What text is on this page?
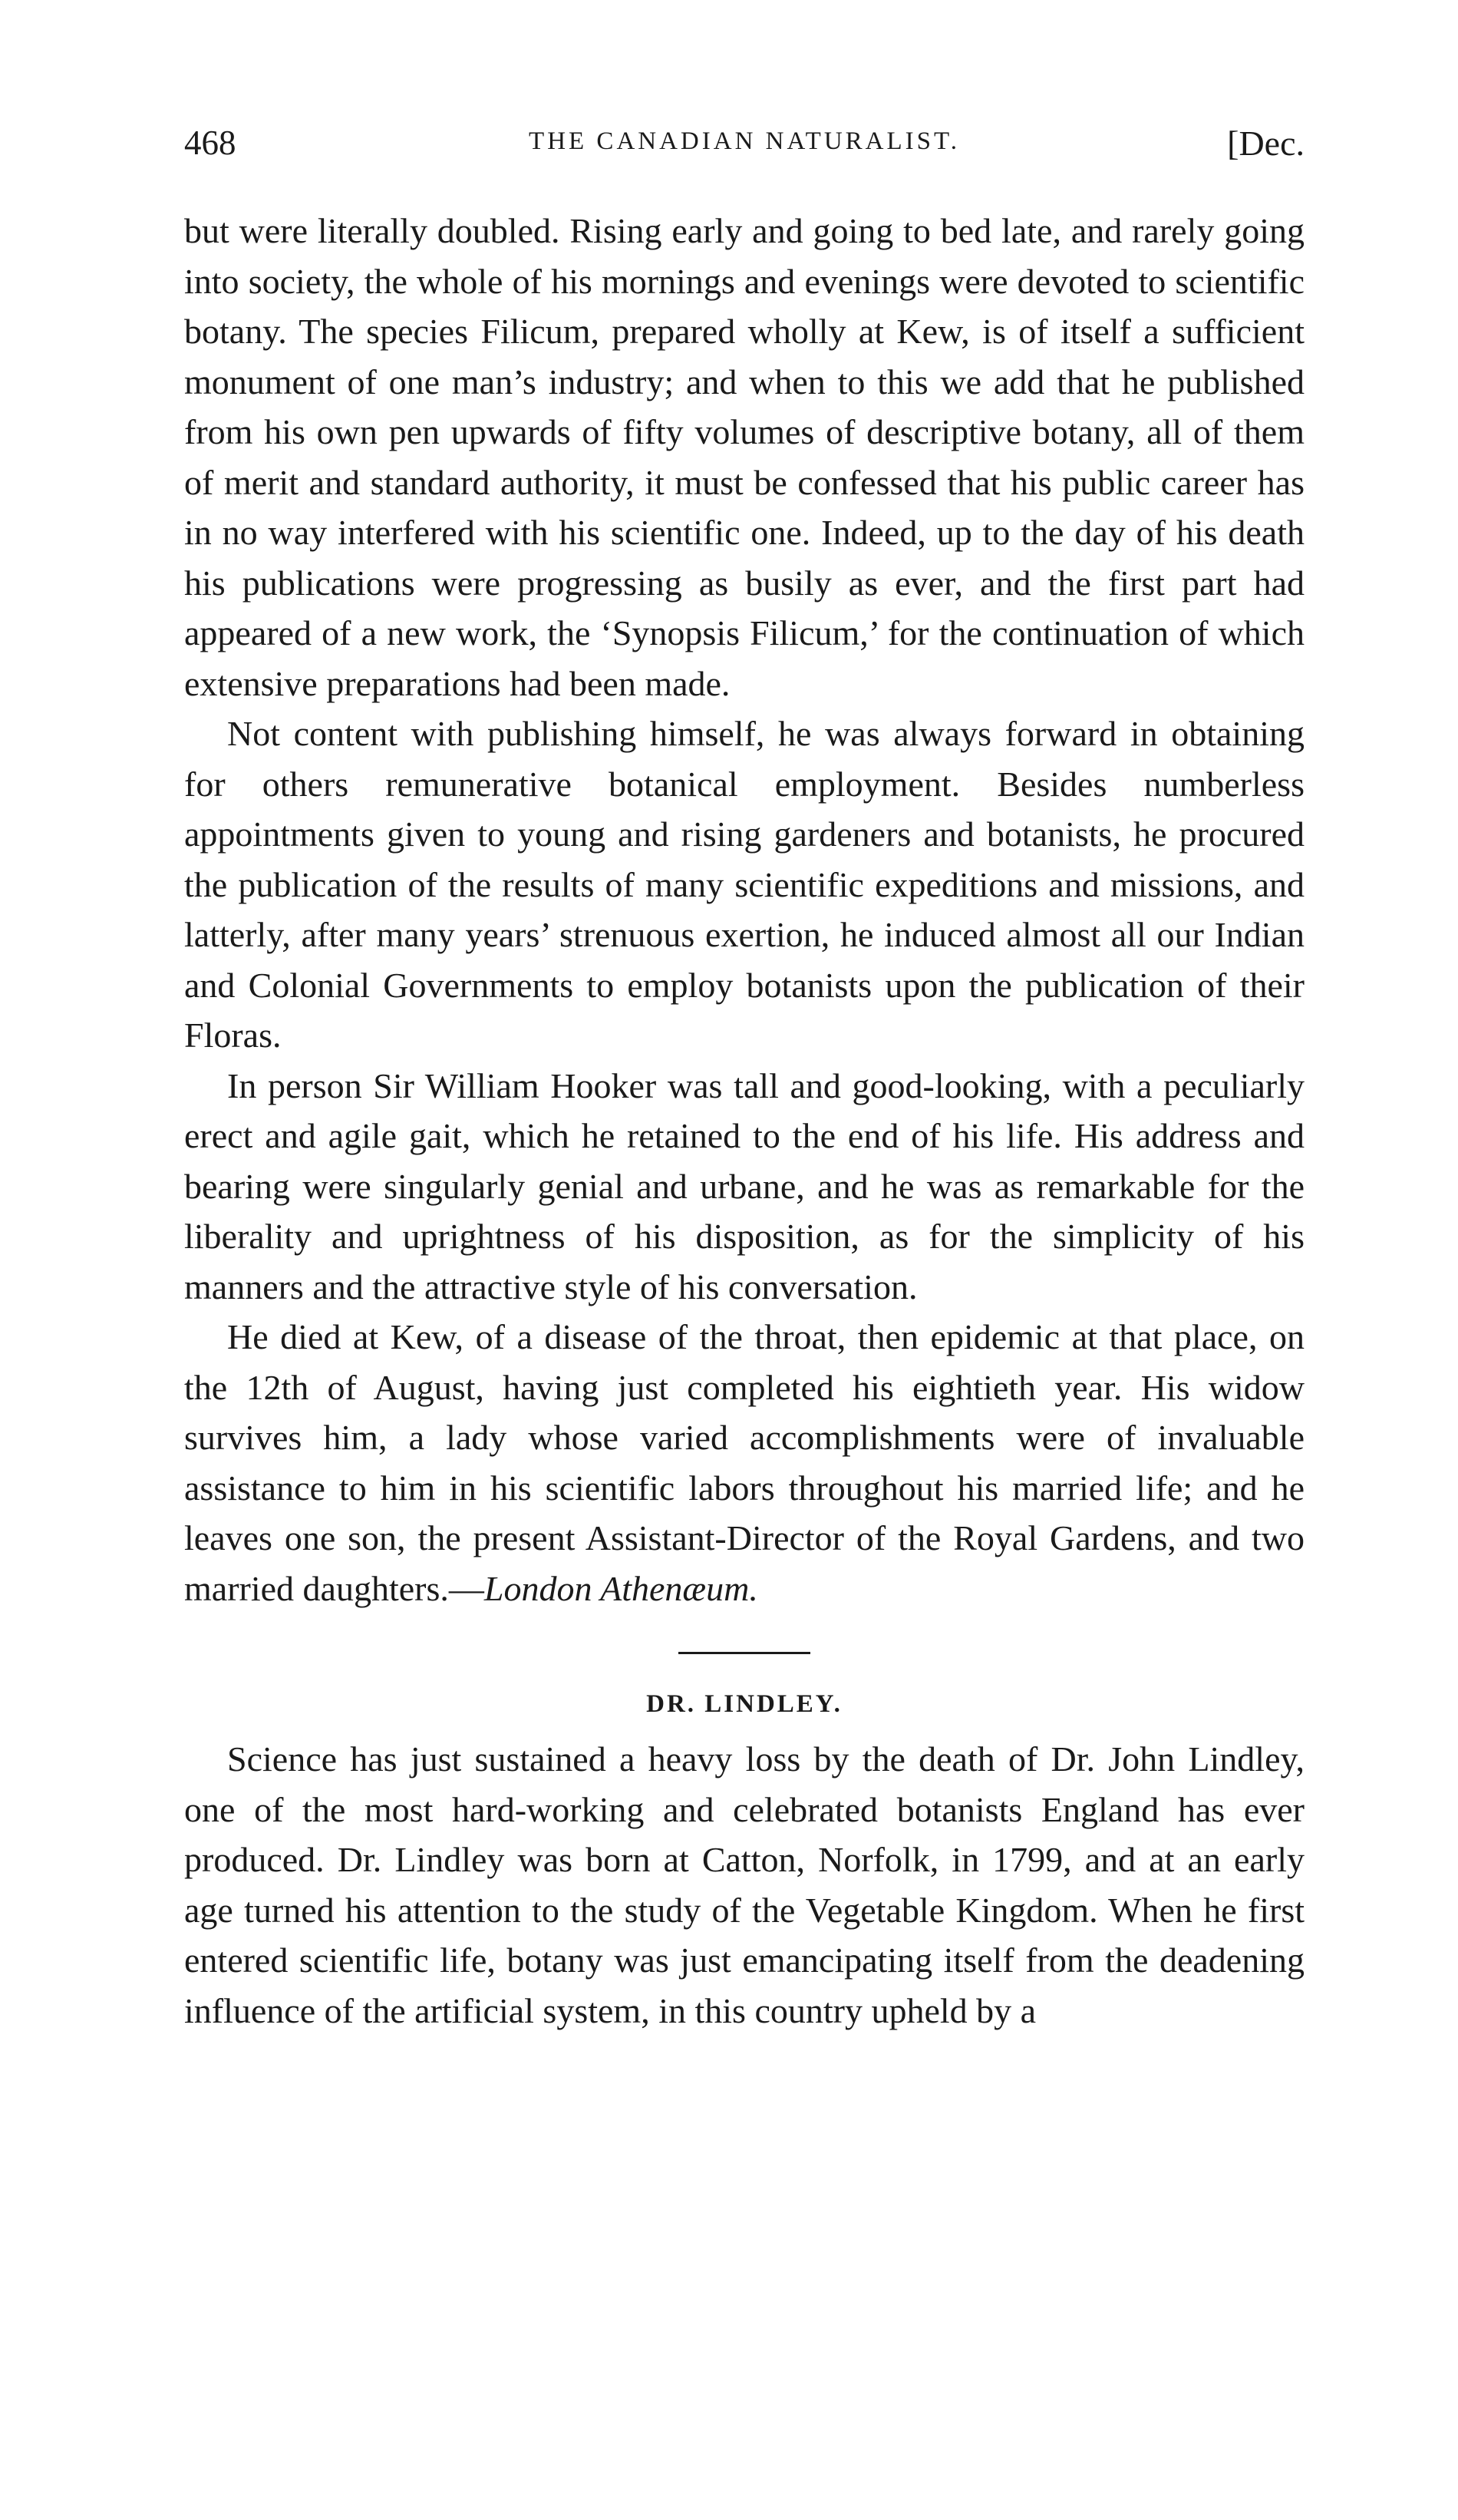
468	THE CANADIAN NATURALIST.	[Dec.

but were literally doubled. Rising early and going to bed late, and rarely going into society, the whole of his mornings and evenings were devoted to scientific botany. The species Filicum, prepared wholly at Kew, is of itself a sufficient monument of one man’s industry; and when to this we add that he published from his own pen upwards of fifty volumes of descriptive botany, all of them of merit and standard authority, it must be confessed that his public career has in no way interfered with his scientific one. Indeed, up to the day of his death his publications were progressing as busily as ever, and the first part had appeared of a new work, the ‘Synopsis Filicum,’ for the continuation of which extensive preparations had been made.

Not content with publishing himself, he was always forward in obtaining for others remunerative botanical employment. Besides numberless appointments given to young and rising gardeners and botanists, he procured the publication of the results of many scientific expeditions and missions, and latterly, after many years’ strenuous exertion, he induced almost all our Indian and Colonial Governments to employ botanists upon the publication of their Floras.

In person Sir William Hooker was tall and good-looking, with a peculiarly erect and agile gait, which he retained to the end of his life. His address and bearing were singularly genial and urbane, and he was as remarkable for the liberality and uprightness of his disposition, as for the simplicity of his manners and the attractive style of his conversation.

He died at Kew, of a disease of the throat, then epidemic at that place, on the 12th of August, having just completed his eightieth year. His widow survives him, a lady whose varied accomplishments were of invaluable assistance to him in his scientific labors throughout his married life; and he leaves one son, the present Assistant-Director of the Royal Gardens, and two married daughters.—London Athenæum.

DR. LINDLEY.

Science has just sustained a heavy loss by the death of Dr. John Lindley, one of the most hard-working and celebrated botanists England has ever produced. Dr. Lindley was born at Catton, Norfolk, in 1799, and at an early age turned his attention to the study of the Vegetable Kingdom. When he first entered scientific life, botany was just emancipating itself from the deadening influence of the artificial system, in this country upheld by a
